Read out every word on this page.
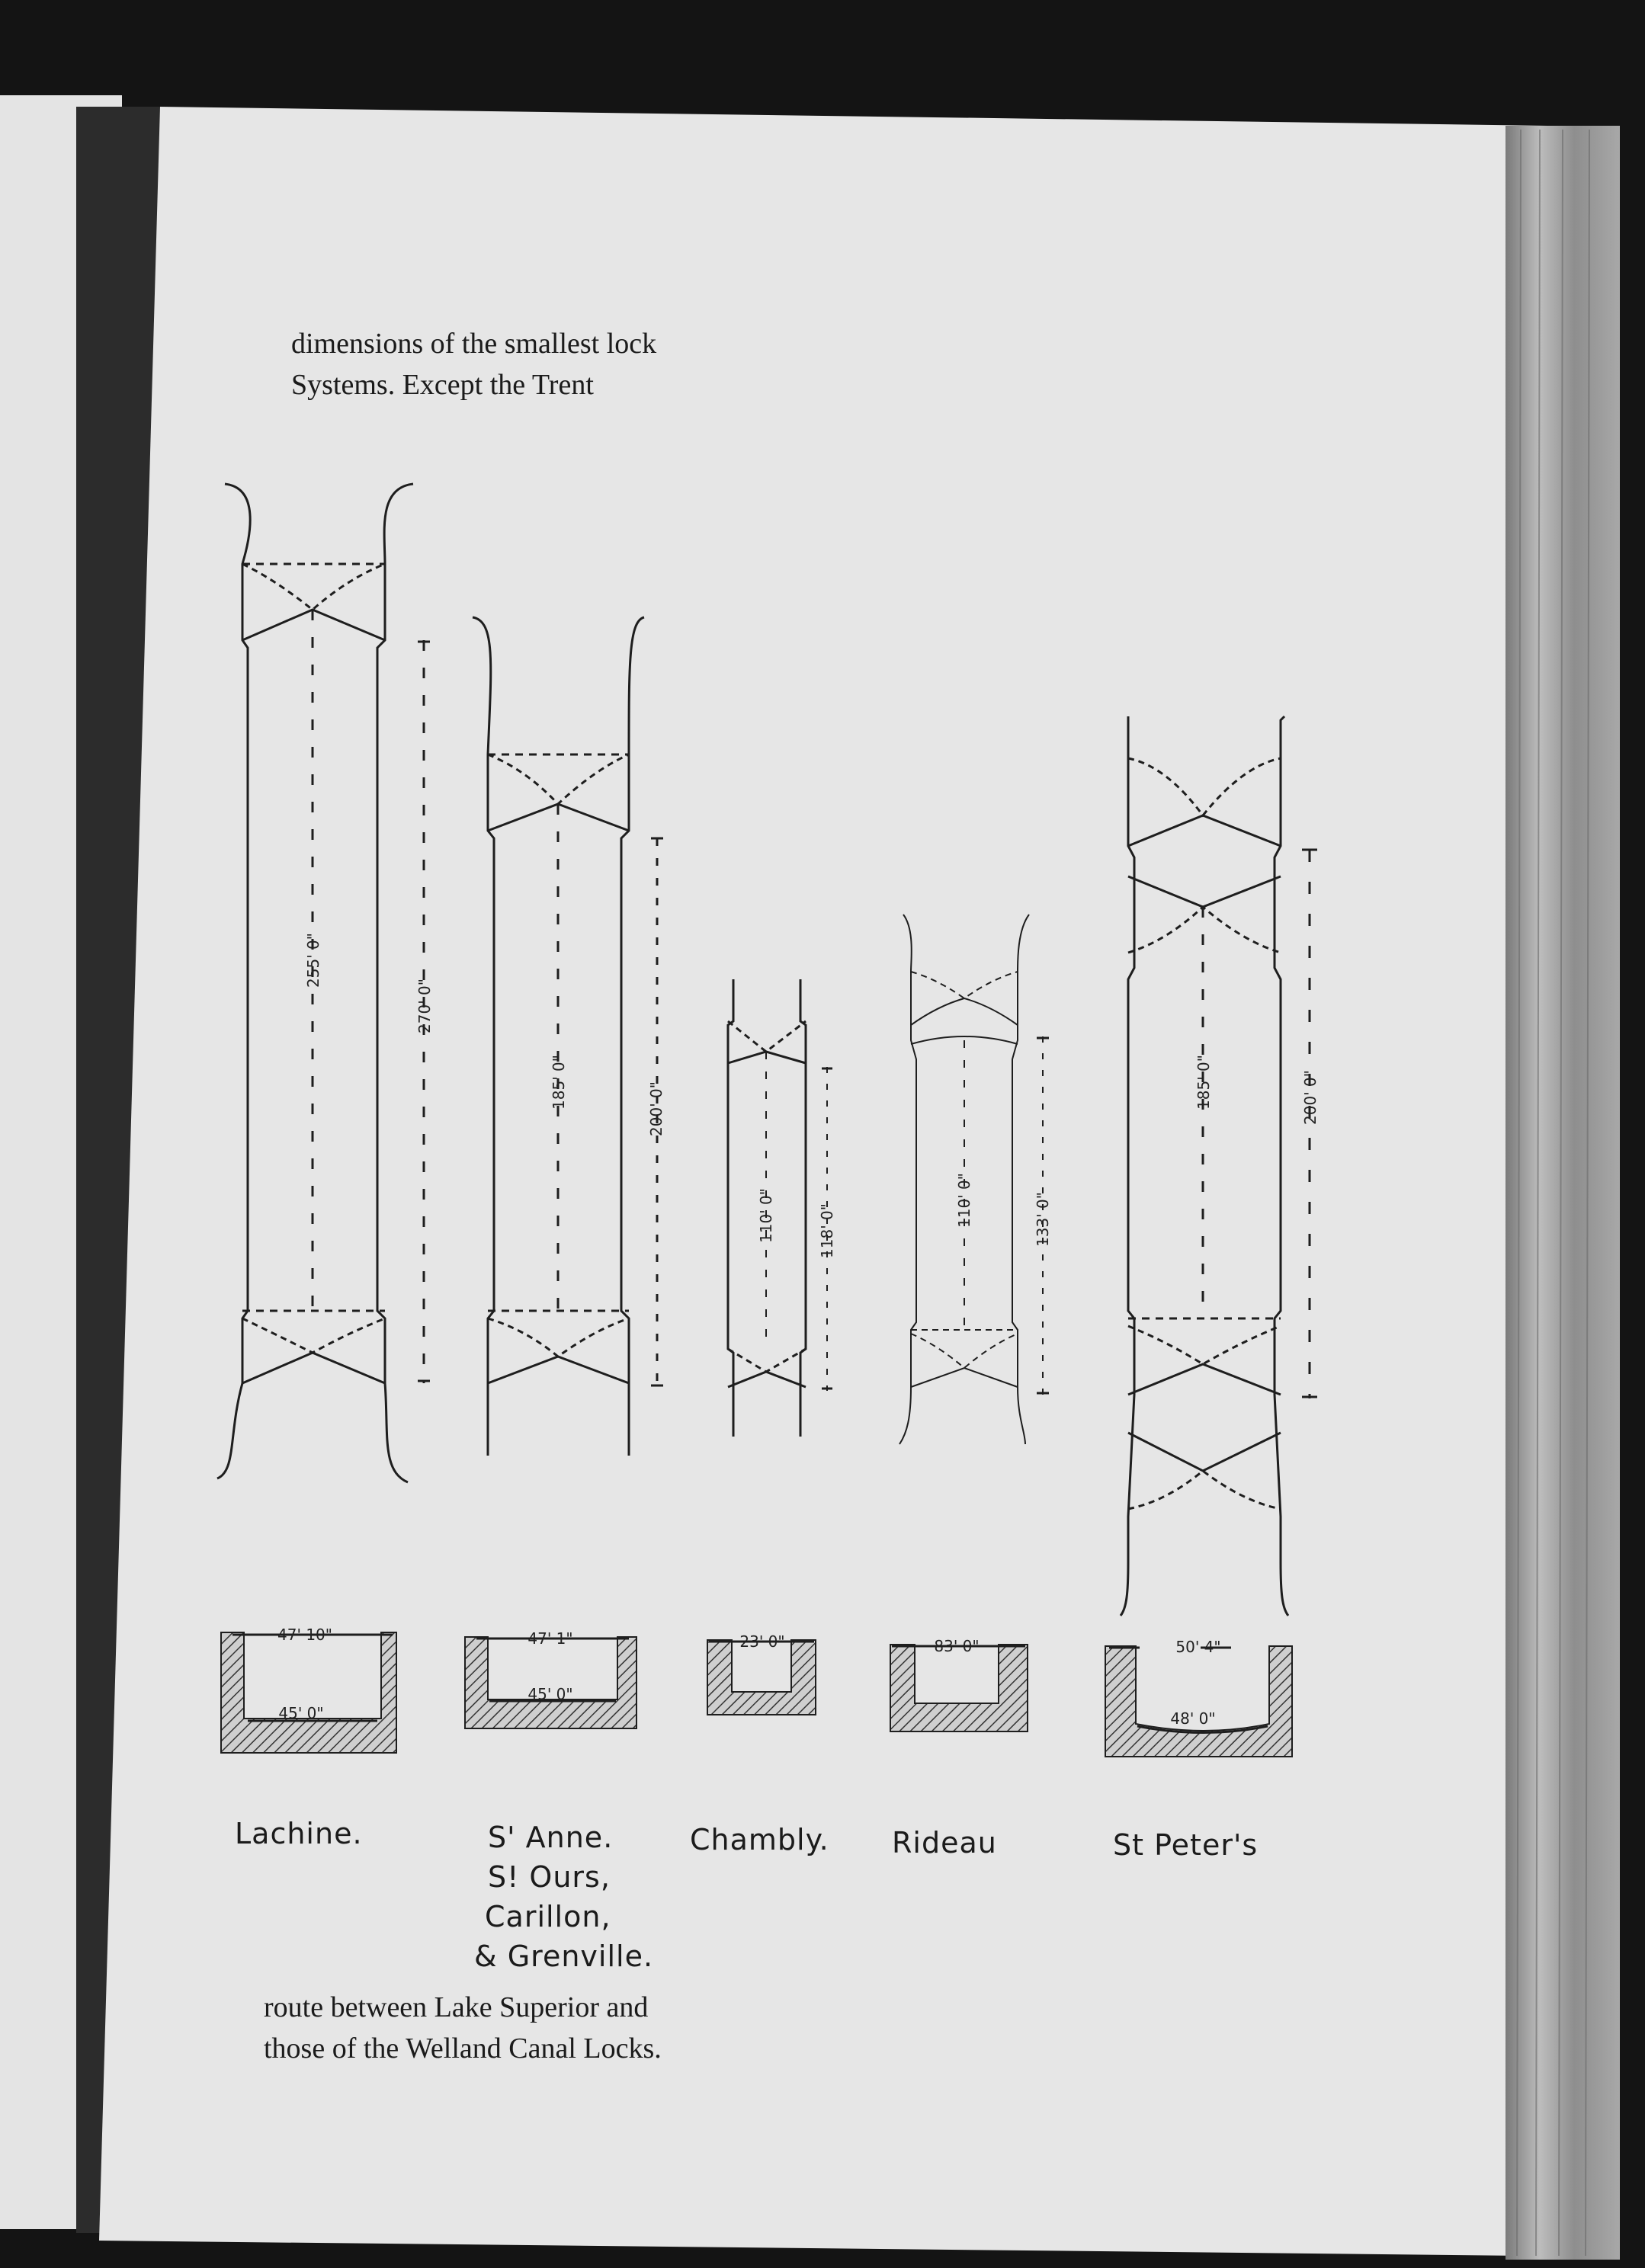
255' 0"
270' 0"
185' 0"	200' 0"
110' 0"	118' 0"
110' 0"	133' 0"
185' 0"	200' 0"
47' 10"
45' 0"
47' 1"
45' 0"
23' 0"	83' 0"	50' 4"
48' 0"
dimensions of the smallest lock
Systems. Except the Trent
Lachine.	S' Anne.
S! Ours,
Carillon,
& Grenville.
Chambly. Rideau	St Peter's
route between Lake Superior and
those of the Welland Canal Locks.
